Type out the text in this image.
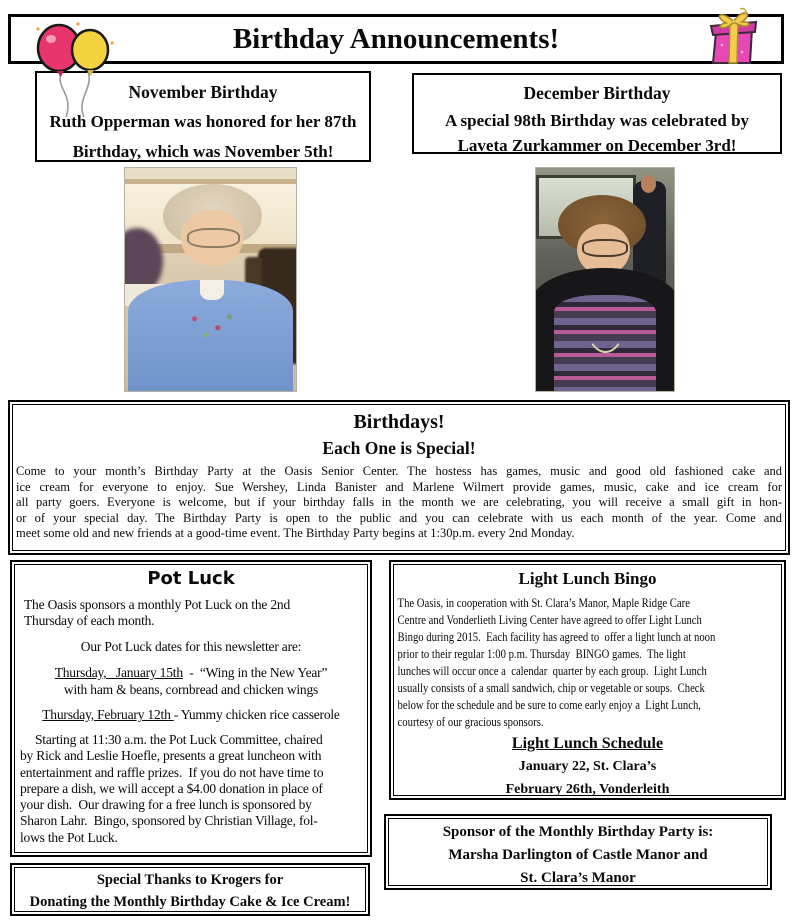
Birthday Announcements!
November Birthday
Ruth Opperman was honored for her 87th
Birthday, which was November 5th!
December Birthday
A special 98th Birthday was celebrated by
Laveta Zurkammer on December 3rd!
Birthdays!
Each One is Special!
Come to your month’s Birthday Party at the Oasis Senior Center. The hostess has games, music and good old fashioned cake and
ice cream for everyone to enjoy. Sue Wershey, Linda Banister and Marlene Wilmert provide games, music, cake and ice cream for
all party goers. Everyone is welcome, but if your birthday falls in the month we are celebrating, you will receive a small gift in hon-
or of your special day. The Birthday Party is open to the public and you can celebrate with us each month of the year. Come and
meet some old and new friends at a good-time event. The Birthday Party begins at 1:30p.m. every 2nd Monday.
Pot Luck
The Oasis sponsors a monthly Pot Luck on the 2nd
Thursday of each month.
Our Pot Luck dates for this newsletter are:
Thursday,   January 15th  -  “Wing in the New Year”
with ham & beans, cornbread and chicken wings
Thursday, February 12th - Yummy chicken rice casserole
Starting at 11:30 a.m. the Pot Luck Committee, chaired
by Rick and Leslie Hoefle, presents a great luncheon with
entertainment and raffle prizes.  If you do not have time to
prepare a dish, we will accept a $4.00 donation in place of
your dish.  Our drawing for a free lunch is sponsored by
Sharon Lahr.  Bingo, sponsored by Christian Village, fol-
lows the Pot Luck.
Light Lunch Bingo
The Oasis, in cooperation with St. Clara’s Manor, Maple Ridge Care
Centre and Vonderlieth Living Center have agreed to offer Light Lunch
Bingo during 2015.  Each facility has agreed to  offer a light lunch at noon
prior to their regular 1:00 p.m. Thursday  BINGO games.  The light
lunches will occur once a  calendar  quarter by each group.  Light Lunch
usually consists of a small sandwich, chip or vegetable or soups.  Check
below for the schedule and be sure to come early enjoy a  Light Lunch,
courtesy of our gracious sponsors.
Light Lunch Schedule
January 22, St. Clara’s
February 26th, Vonderleith
Sponsor of the Monthly Birthday Party is:
Marsha Darlington of Castle Manor and
St. Clara’s Manor
Special Thanks to Krogers for
Donating the Monthly Birthday Cake & Ice Cream!
